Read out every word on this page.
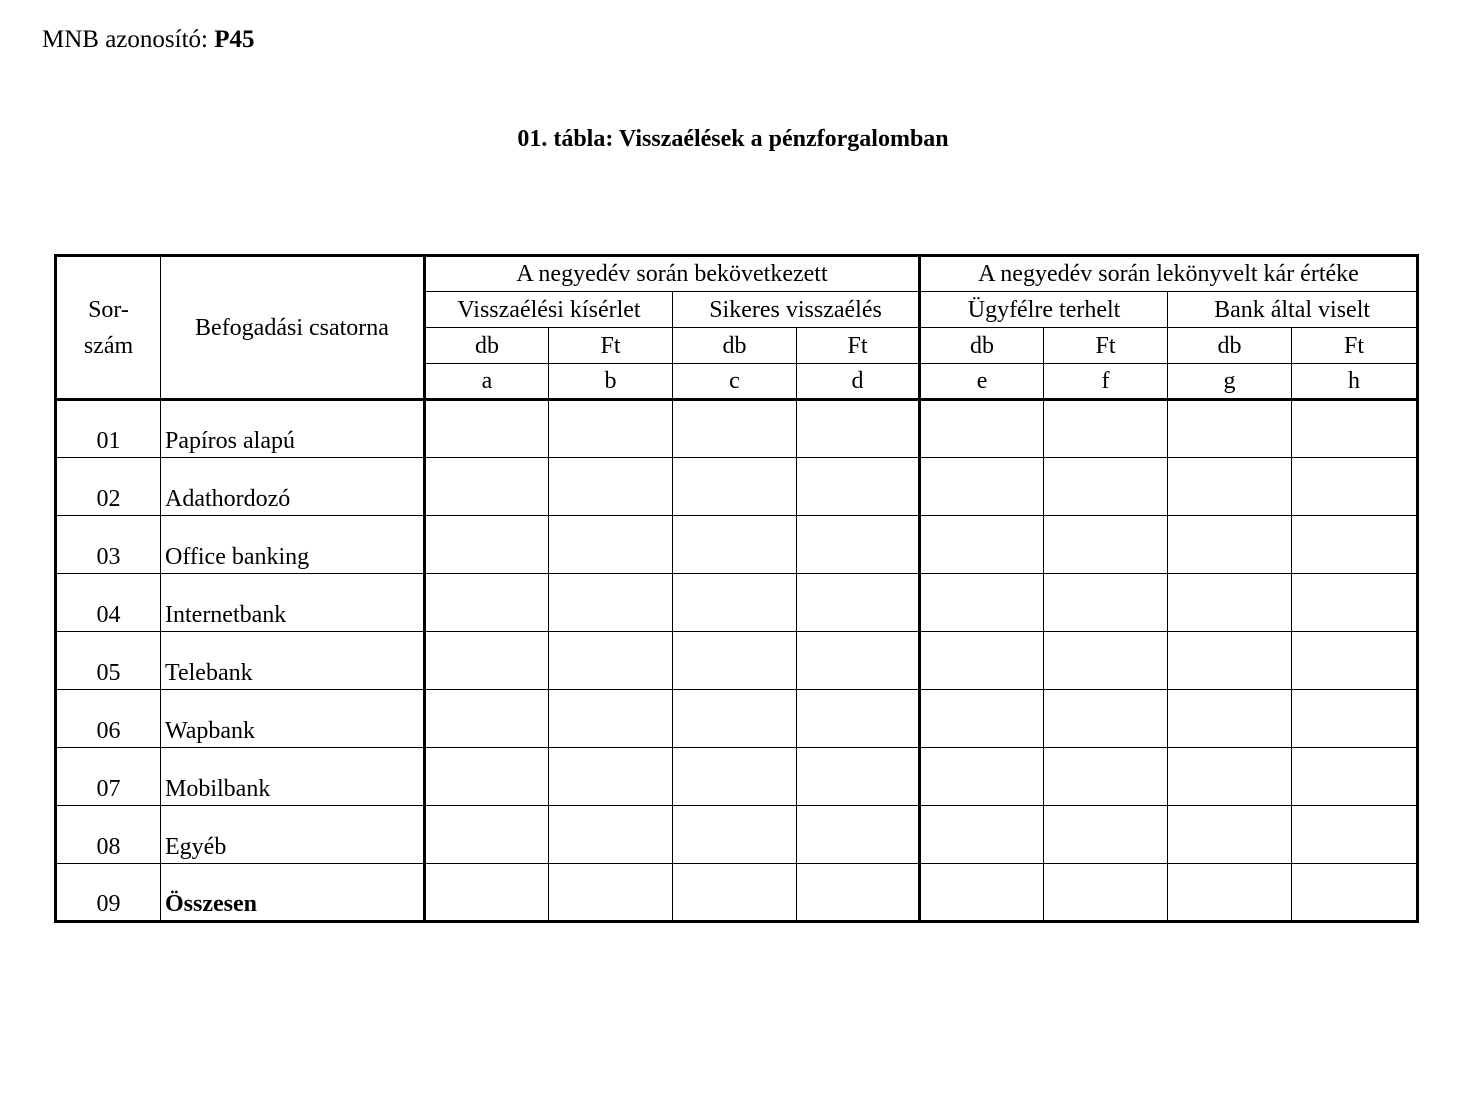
MNB azonosító: P45
01. tábla: Visszaélések a pénzforgalomban
Sor-
szám	Befogadási csatorna	A negyedév során bekövetkezett				A negyedév során lekönyvelt kár értéke			
		Visszaélési kísérlet		Sikeres visszaélés		Ügyfélre terhelt		Bank által viselt	
		db	Ft	db	Ft	db	Ft	db	Ft
		a	b	c	d	e	f	g	h
01	Papíros alapú								
02	Adathordozó								
03	Office banking								
04	Internetbank								
05	Telebank								
06	Wapbank								
07	Mobilbank								
08	Egyéb								
09	Összesen								
